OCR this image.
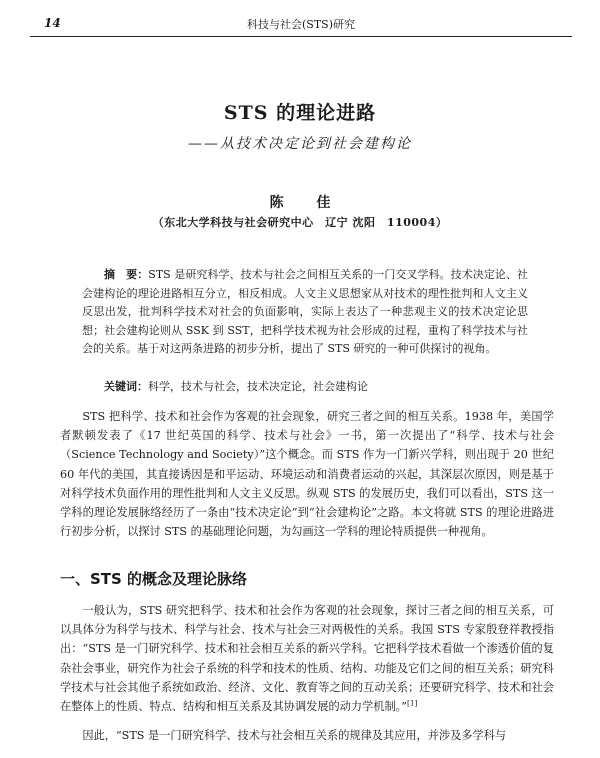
14	科技与社会(STS)研究
STS 的理论进路
——从技术决定论到社会建构论
陈 佳
（东北大学科技与社会研究中心　辽宁 沈阳　110004）
摘　要：STS 是研究科学、技术与社会之间相互关系的一门交叉学科。技术决定论、社会建构论的理论进路相互分立，相反相成。人文主义思想家从对技术的理性批判和人文主义反思出发，批判科学技术对社会的负面影响，实际上表达了一种悲观主义的技术决定论思想；社会建构论则从 SSK 到 SST，把科学技术视为社会形成的过程，重构了科学技术与社会的关系。基于对这两条进路的初步分析，提出了 STS 研究的一种可供探讨的视角。
关键词：科学，技术与社会，技术决定论，社会建构论
STS 把科学、技术和社会作为客观的社会现象，研究三者之间的相互关系。1938 年，美国学者默顿发表了《17 世纪英国的科学、技术与社会》一书，第一次提出了“科学、技术与社会（Science Technology and Society）”这个概念。而 STS 作为一门新兴学科，则出现于 20 世纪 60 年代的美国，其直接诱因是和平运动、环境运动和消费者运动的兴起，其深层次原因，则是基于对科学技术负面作用的理性批判和人文主义反思。纵观 STS 的发展历史，我们可以看出，STS 这一学科的理论发展脉络经历了一条由“技术决定论”到“社会建构论”之路。本文将就 STS 的理论进路进行初步分析，以探讨 STS 的基础理论问题，为勾画这一学科的理论特质提供一种视角。
一、STS 的概念及理论脉络
一般认为，STS 研究把科学、技术和社会作为客观的社会现象，探讨三者之间的相互关系，可以具体分为科学与技术、科学与社会、技术与社会三对两极性的关系。我国 STS 专家殷登祥教授指出：“STS 是一门研究科学、技术和社会相互关系的新兴学科。它把科学技术看做一个渗透价值的复杂社会事业，研究作为社会子系统的科学和技术的性质、结构、功能及它们之间的相互关系；研究科学技术与社会其他子系统如政治、经济、文化、教育等之间的互动关系；还要研究科学、技术和社会在整体上的性质、特点、结构和相互关系及其协调发展的动力学机制。”[1]
因此，“STS 是一门研究科学、技术与社会相互关系的规律及其应用，并涉及多学科与
